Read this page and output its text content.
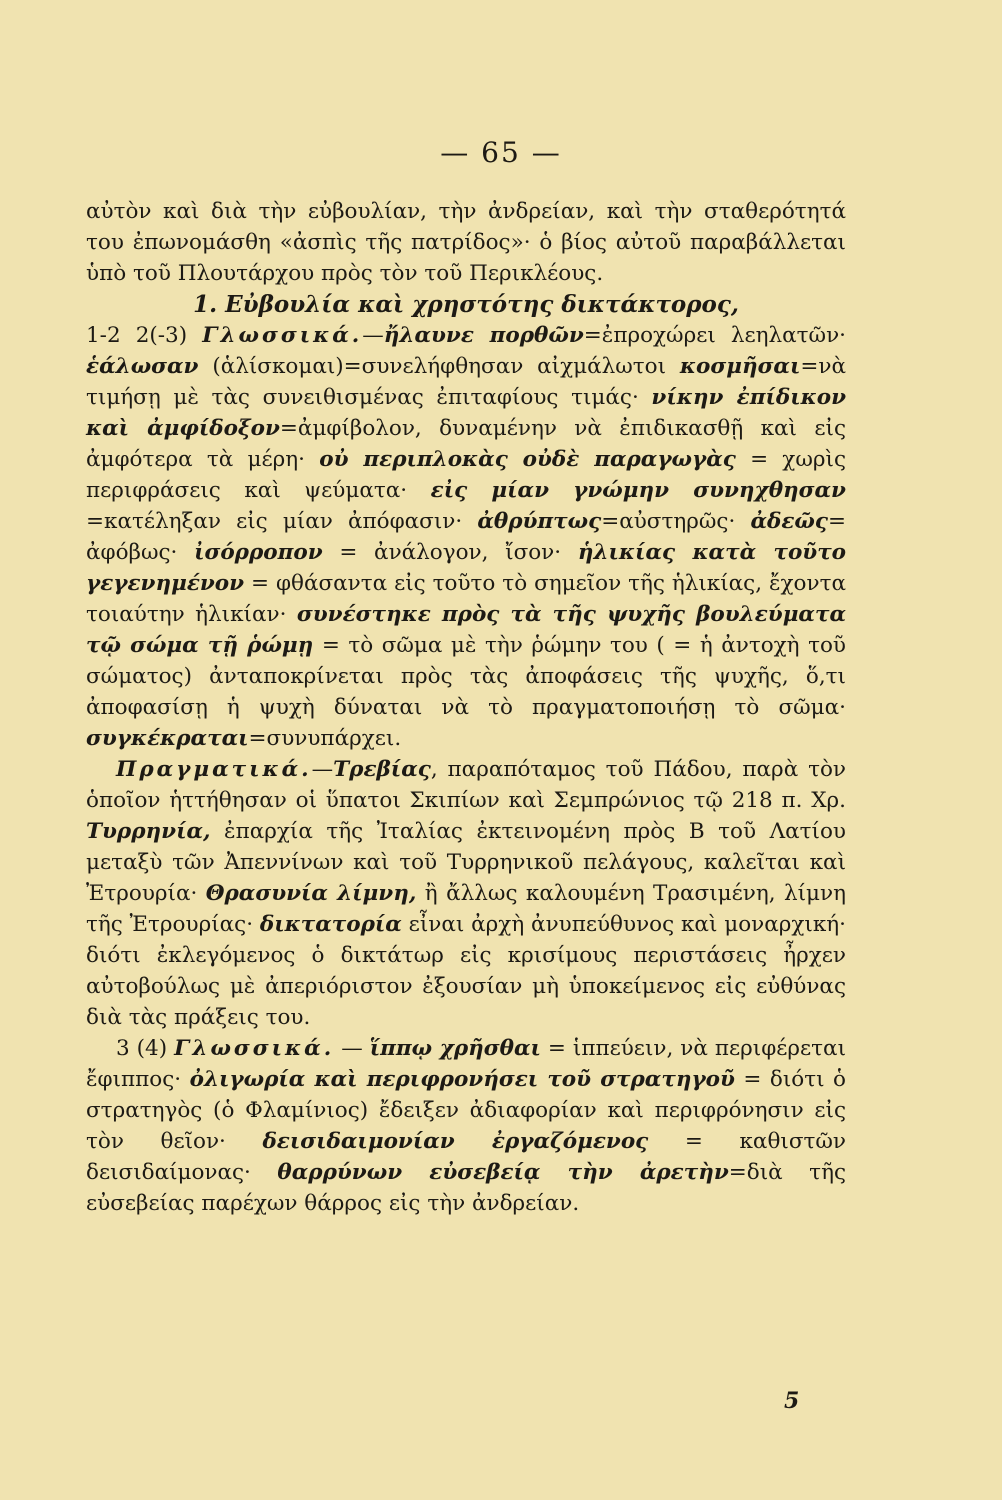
— 65 —

αὐτὸν καὶ διὰ τὴν εὐβουλίαν, τὴν ἀνδρείαν, καὶ τὴν σταθερότητά του ἐπωνομάσθη «ἀσπὶς τῆς πατρίδος»· ὁ βίος αὐτοῦ παραβάλλεται ὑπὸ τοῦ Πλουτάρχου πρὸς τὸν τοῦ Περικλέους.

1. Εὐβουλία καὶ χρηστότης δικτάκτορος,

1-2 2(-3) Γλωσσικά.—ἤλαυνε πορθῶν=ἐπροχώρει λεηλατῶν· ἑάλωσαν (ἁλίσκομαι)=συνελήφθησαν αἰχμάλωτοι κοσμῆσαι=νὰ τιμήσῃ μὲ τὰς συνειθισμένας ἐπιταφίους τιμάς· νίκην ἐπίδικον καὶ ἀμφίδοξον=ἀμφίβολον, δυναμένην νὰ ἐπιδικασθῇ καὶ εἰς ἀμφότερα τὰ μέρη· οὐ περιπλοκὰς οὐδὲ παραγωγὰς = χωρὶς περιφράσεις καὶ ψεύματα· εἰς μίαν γνώμην συνηχθησαν =κατέληξαν εἰς μίαν ἀπόφασιν· ἀθρύπτως=αὐστηρῶς· ἀδεῶς= ἀφόβως· ἰσόρροπον = ἀνάλογον, ἴσον· ἡλικίας κατὰ τοῦτο γεγενημένον = φθάσαντα εἰς τοῦτο τὸ σημεῖον τῆς ἡλικίας, ἔχοντα τοιαύτην ἡλικίαν· συνέστηκε πρὸς τὰ τῆς ψυχῆς βουλεύματα τῷ σώμα τῇ ῥώμῃ = τὸ σῶμα μὲ τὴν ῥώμην του ( = ἡ ἀντοχὴ τοῦ σώματος) ἀνταποκρίνεται πρὸς τὰς ἀποφάσεις τῆς ψυχῆς, ὅ,τι ἀποφασίσῃ ἡ ψυχὴ δύναται νὰ τὸ πραγματοποιήσῃ τὸ σῶμα· συγκέκραται=συνυπάρχει.

Πραγματικά.—Τρεβίας, παραπόταμος τοῦ Πάδου, παρὰ τὸν ὁποῖον ἡττήθησαν οἱ ὕπατοι Σκιπίων καὶ Σεμπρώνιος τῷ 218 π. Χρ. Τυρρηνία, ἐπαρχία τῆς Ἰταλίας ἐκτεινομένη πρὸς Β τοῦ Λατίου μεταξὺ τῶν Ἀπεννίνων καὶ τοῦ Τυρρηνικοῦ πελάγους, καλεῖται καὶ Ἐτρουρία· Θρασυνία λίμνη, ἢ ἄλλως καλουμένη Τρασιμένη, λίμνη τῆς Ἐτρουρίας· δικτατορία εἶναι ἀρχὴ ἀνυπεύθυνος καὶ μοναρχική· διότι ἐκλεγόμενος ὁ δικτάτωρ εἰς κρισίμους περιστάσεις ἦρχεν αὐτοβούλως μὲ ἀπεριόριστον ἐξουσίαν μὴ ὑποκείμενος εἰς εὐθύνας διὰ τὰς πράξεις του.

3 (4) Γλωσσικά. — ἵππῳ χρῆσθαι = ἱππεύειν, νὰ περιφέρεται ἔφιππος· ὀλιγωρία καὶ περιφρονήσει τοῦ στρατηγοῦ = διότι ὁ στρατηγὸς (ὁ Φλαμίνιος) ἔδειξεν ἀδιαφορίαν καὶ περιφρόνησιν εἰς τὸν θεῖον· δεισιδαιμονίαν ἐργαζόμενος = καθιστῶν δεισιδαίμονας· θαρρύνων εὐσεβείᾳ τὴν ἀρετὴν=διὰ τῆς εὐσεβείας παρέχων θάρρος εἰς τὴν ἀνδρείαν.

5
